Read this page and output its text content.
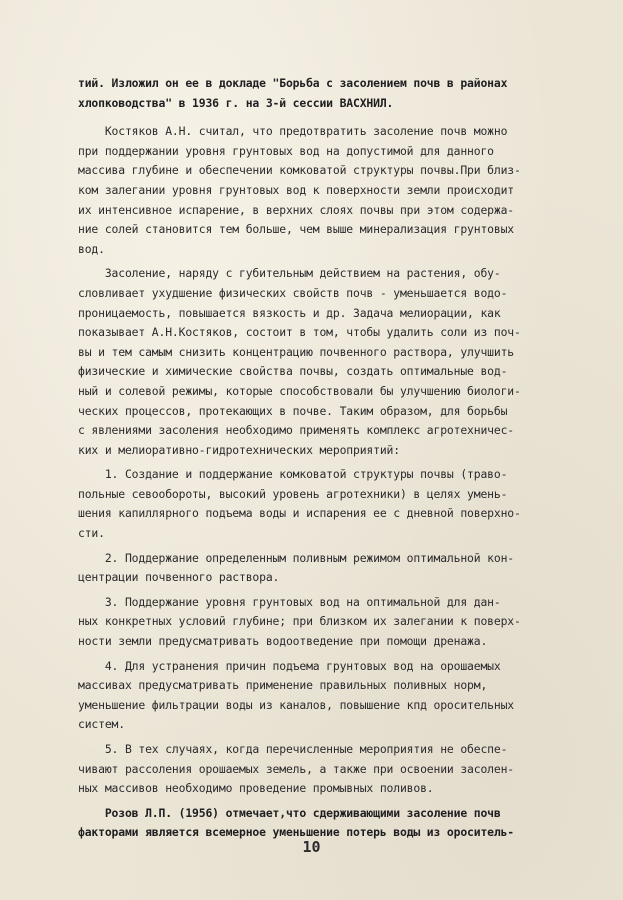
тий. Изложил он ее в докладе "Борьба с засолением почв в районах
хлопководства" в 1936 г. на 3-й сессии ВАСХНИЛ.
Костяков А.Н. считал, что предотвратить засоление почв можно
при поддержании уровня грунтовых вод на допустимой для данного
массива глубине и обеспечении комковатой структуры почвы.При близ-
ком залегании уровня грунтовых вод к поверхности земли происходит
их интенсивное испарение, в верхних слоях почвы при этом содержа-
ние солей становится тем больше, чем выше минерализация грунтовых
вод.
Засоление, наряду с губительным действием на растения, обу-
словливает ухудшение физических свойств почв - уменьшается водо-
проницаемость, повышается вязкость и др. Задача мелиорации, как
показывает А.Н.Костяков, состоит в том, чтобы удалить соли из поч-
вы и тем самым снизить концентрацию почвенного раствора, улучшить
физические и химические свойства почвы, создать оптимальные вод-
ный и солевой режимы, которые способствовали бы улучшению биологи-
ческих процессов, протекающих в почве. Таким образом, для борьбы
с явлениями засоления необходимо применять комплекс агротехничес-
ких и мелиоративно-гидротехнических мероприятий:
1. Создание и поддержание комковатой структуры почвы (траво-
польные севообороты, высокий уровень агротехники) в целях умень-
шения капиллярного подъема воды и испарения ее с дневной поверхно-
сти.
2. Поддержание определенным поливным режимом оптимальной кон-
центрации почвенного раствора.
3. Поддержание уровня грунтовых вод на оптимальной для дан-
ных конкретных условий глубине; при близком их залегании к поверх-
ности земли предусматривать водоотведение при помощи дренажа.
4. Для устранения причин подъема грунтовых вод на орошаемых
массивах предусматривать применение правильных поливных норм,
уменьшение фильтрации воды из каналов, повышение кпд оросительных
систем.
5. В тех случаях, когда перечисленные мероприятия не обеспе-
чивают рассоления орошаемых земель, а также при освоении засолен-
ных массивов необходимо проведение промывных поливов.
Розов Л.П. (1956) отмечает,что сдерживающими засоление почв
факторами является всемерное уменьшение потерь воды из ороситель-
10
